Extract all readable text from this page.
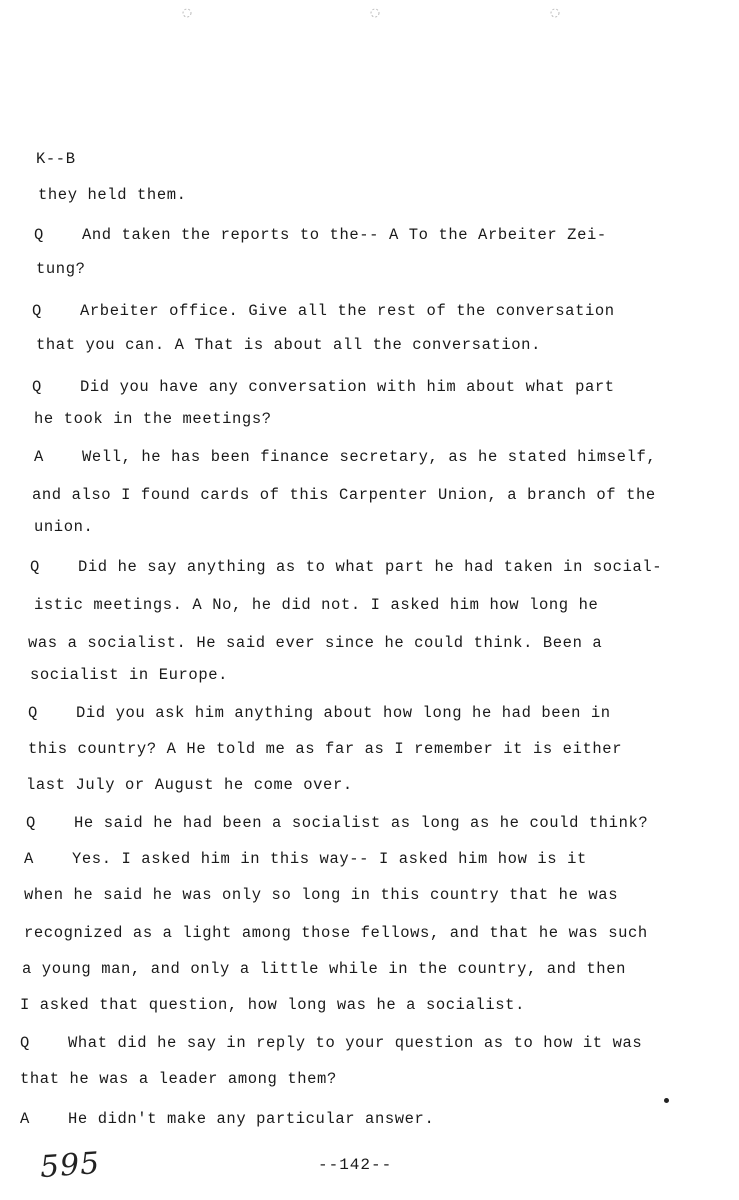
K--B
they held them.
Q And taken the reports to the-- A To the Arbeiter Zei-
tung?
Q Arbeiter office. Give all the rest of the conversation
that you can. A That is about all the conversation.
Q Did you have any conversation with him about what part
he took in the meetings?
A Well, he has been finance secretary, as he stated himself,
and also I found cards of this Carpenter Union, a branch of the
union.
Q Did he say anything as to what part he had taken in social-
istic meetings. A No, he did not. I asked him how long he
was a socialist. He said ever since he could think. Been a
socialist in Europe.
Q Did you ask him anything about how long he had been in
this country? A He told me as far as I remember it is either
last July or August he come over.
Q He said he had been a socialist as long as he could think?
A Yes. I asked him in this way-- I asked him how is it
when he said he was only so long in this country that he was
recognized as a light among those fellows, and that he was such
a young man, and only a little while in the country, and then
I asked that question, how long was he a socialist.
Q What did he say in reply to your question as to how it was
that he was a leader among them?
A He didn't make any particular answer.
595	--142--
